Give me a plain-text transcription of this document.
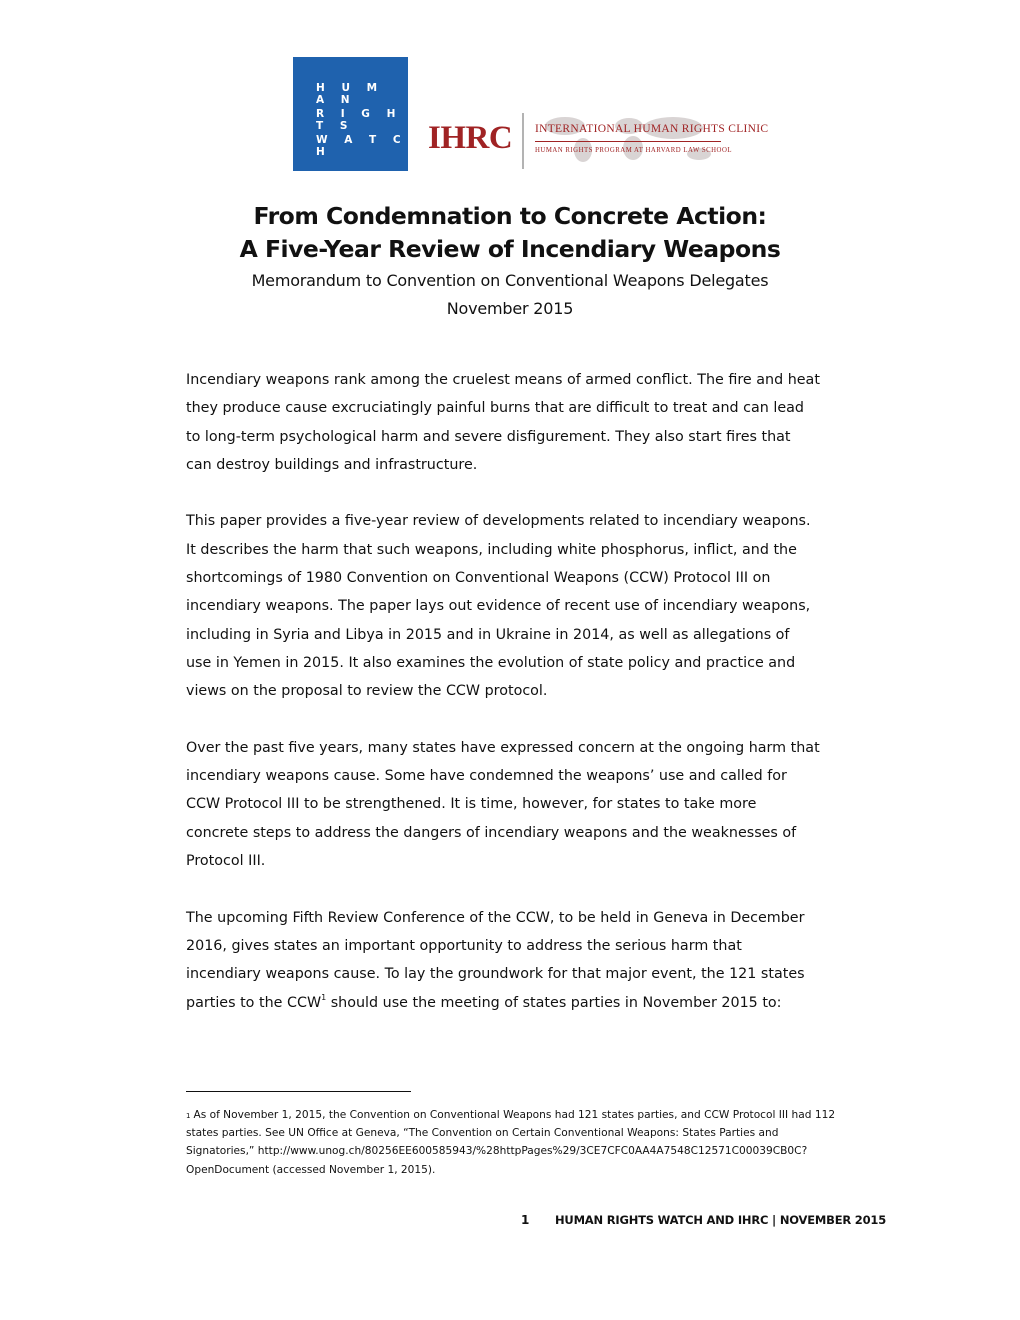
H U M A N
R I G H T S
W A T C H	IHRC INTERNATIONAL HUMAN RIGHTS CLINIC
HUMAN RIGHTS PROGRAM AT HARVARD LAW SCHOOL
From Condemnation to Concrete Action:
A Five-Year Review of Incendiary Weapons
Memorandum to Convention on Conventional Weapons Delegates
November 2015

Incendiary weapons rank among the cruelest means of armed conflict. The fire and heat
they produce cause excruciatingly painful burns that are difficult to treat and can lead
to long-term psychological harm and severe disfigurement. They also start fires that
can destroy buildings and infrastructure.

This paper provides a five-year review of developments related to incendiary weapons.
It describes the harm that such weapons, including white phosphorus, inflict, and the
shortcomings of 1980 Convention on Conventional Weapons (CCW) Protocol III on
incendiary weapons. The paper lays out evidence of recent use of incendiary weapons,
including in Syria and Libya in 2015 and in Ukraine in 2014, as well as allegations of
use in Yemen in 2015. It also examines the evolution of state policy and practice and
views on the proposal to review the CCW protocol.

Over the past five years, many states have expressed concern at the ongoing harm that
incendiary weapons cause. Some have condemned the weapons’ use and called for
CCW Protocol III to be strengthened. It is time, however, for states to take more
concrete steps to address the dangers of incendiary weapons and the weaknesses of
Protocol III.

The upcoming Fifth Review Conference of the CCW, to be held in Geneva in December
2016, gives states an important opportunity to address the serious harm that
incendiary weapons cause. To lay the groundwork for that major event, the 121 states
parties to the CCW$^1$ should use the meeting of states parties in November 2015 to:

$^1$ As of November 1, 2015, the Convention on Conventional Weapons had 121 states parties, and CCW Protocol III had 112
states parties. See UN Office at Geneva, “The Convention on Certain Conventional Weapons: States Parties and
Signatories,” http://www.unog.ch/80256EE600585943/%28httpPages%29/3CE7CFC0AA4A7548C12571C00039CB0C?
OpenDocument (accessed November 1, 2015).
1 HUMAN RIGHTS WATCH AND IHRC | NOVEMBER 2015
